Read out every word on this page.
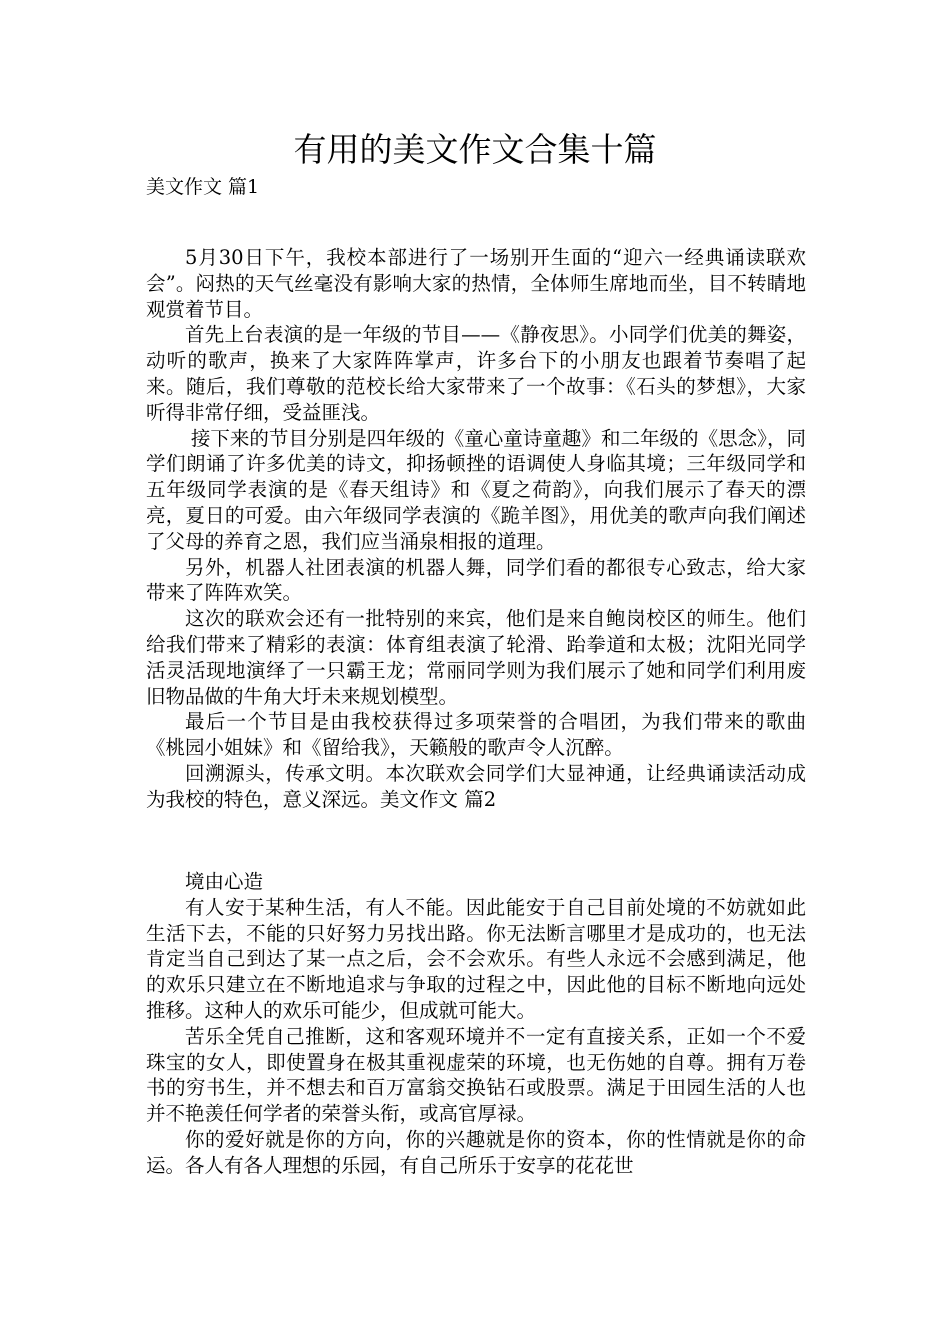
有用的美文作文合集十篇
美文作文 篇1

5月30日下午，我校本部进行了一场别开生面的“迎六一经典诵读联欢会”。闷热的天气丝毫没有影响大家的热情，全体师生席地而坐，目不转睛地观赏着节目。

首先上台表演的是一年级的节目——《静夜思》。小同学们优美的舞姿，动听的歌声，换来了大家阵阵掌声，许多台下的小朋友也跟着节奏唱了起来。随后，我们尊敬的范校长给大家带来了一个故事：《石头的梦想》，大家听得非常仔细，受益匪浅。

接下来的节目分别是四年级的《童心童诗童趣》和二年级的《思念》，同学们朗诵了许多优美的诗文，抑扬顿挫的语调使人身临其境；三年级同学和五年级同学表演的是《春天组诗》和《夏之荷韵》，向我们展示了春天的漂亮，夏日的可爱。由六年级同学表演的《跪羊图》，用优美的歌声向我们阐述了父母的养育之恩，我们应当涌泉相报的道理。

另外，机器人社团表演的机器人舞，同学们看的都很专心致志，给大家带来了阵阵欢笑。

这次的联欢会还有一批特别的来宾，他们是来自鲍岗校区的师生。他们给我们带来了精彩的表演：体育组表演了轮滑、跆拳道和太极；沈阳光同学活灵活现地演绎了一只霸王龙；常丽同学则为我们展示了她和同学们利用废旧物品做的牛角大圩未来规划模型。

最后一个节目是由我校获得过多项荣誉的合唱团，为我们带来的歌曲《桃园小姐妹》和《留给我》，天籁般的歌声令人沉醉。

回溯源头，传承文明。本次联欢会同学们大显神通，让经典诵读活动成为我校的特色，意义深远。美文作文 篇2

境由心造

有人安于某种生活，有人不能。因此能安于自己目前处境的不妨就如此生活下去，不能的只好努力另找出路。你无法断言哪里才是成功的，也无法肯定当自己到达了某一点之后，会不会欢乐。有些人永远不会感到满足，他的欢乐只建立在不断地追求与争取的过程之中，因此他的目标不断地向远处推移。这种人的欢乐可能少，但成就可能大。

苦乐全凭自己推断，这和客观环境并不一定有直接关系，正如一个不爱珠宝的女人，即使置身在极其重视虚荣的环境，也无伤她的自尊。拥有万卷书的穷书生，并不想去和百万富翁交换钻石或股票。满足于田园生活的人也并不艳羡任何学者的荣誉头衔，或高官厚禄。

你的爱好就是你的方向，你的兴趣就是你的资本，你的性情就是你的命运。各人有各人理想的乐园，有自己所乐于安享的花花世
